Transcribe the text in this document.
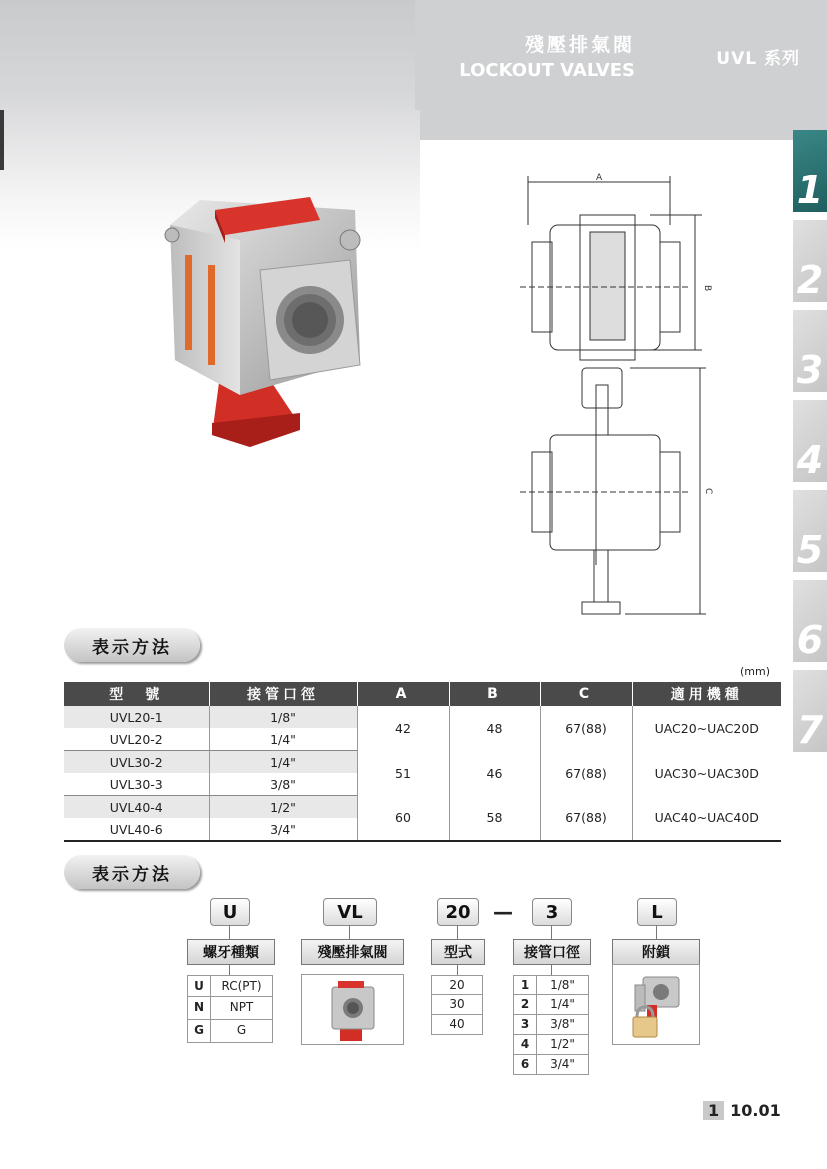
殘壓排氣閥
LOCKOUT VALVES
UVL 系列
1
2
3
4
5
6
7
A
B
C
表示方法
(mm)
型　號	接管口徑	A	B	C	適用機種
UVL20-1	1/8"	42	48	67(88)	UAC20~UAC20D
UVL20-2	1/4"				
UVL30-2	1/4"	51	46	67(88)	UAC30~UAC30D
UVL30-3	3/8"				
UVL40-4	1/2"	60	58	67(88)	UAC40~UAC40D
UVL40-6	3/4"				
表示方法
U	VL	20	—	3	L
螺牙種類	殘壓排氣閥	型式	接管口徑	附鎖
U	RC(PT)
N	NPT
G	G
20
30
40
1	1/8"
2	1/4"
3	3/8"
4	1/2"
6	3/4"
1 10.01
